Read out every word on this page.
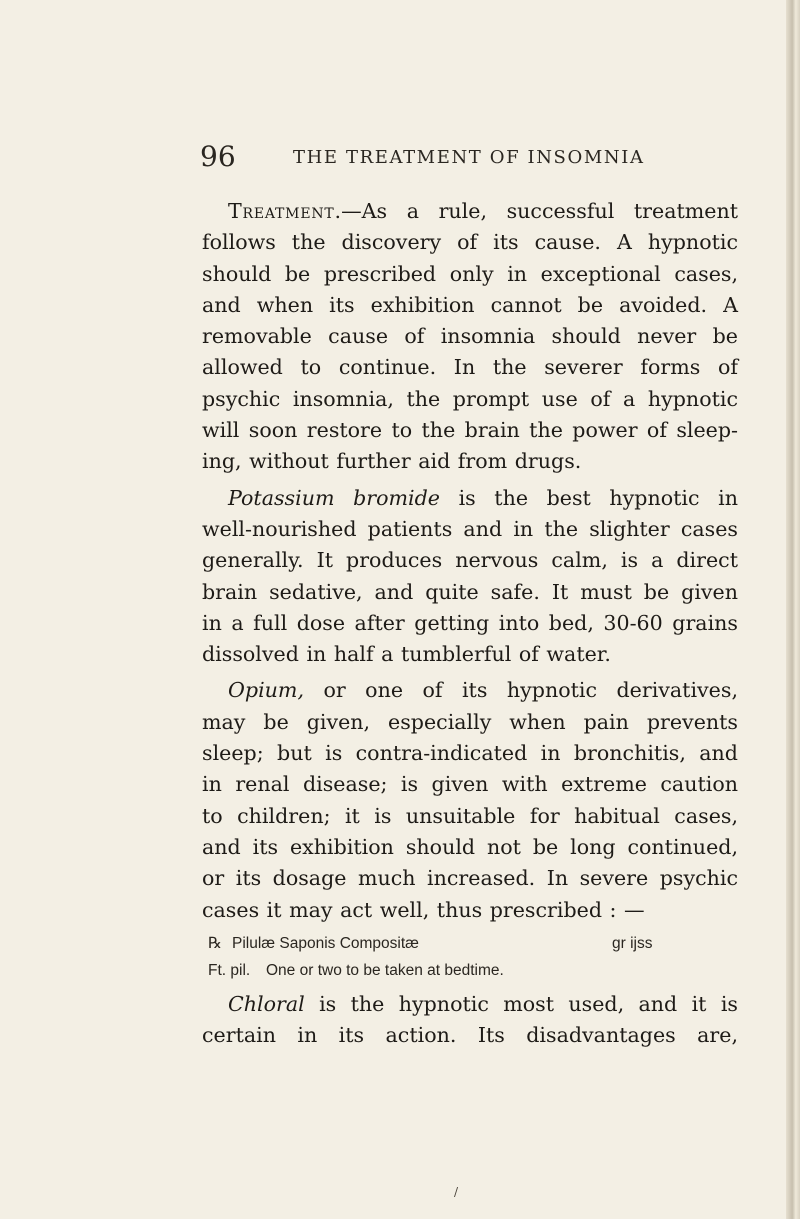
96	THE TREATMENT OF INSOMNIA

Treatment.—As a rule, successful treatment

follows the discovery of its cause. A hypnotic

should be prescribed only in exceptional cases,

and when its exhibition cannot be avoided. A

removable cause of insomnia should never be

allowed to continue. In the severer forms of

psychic insomnia, the prompt use of a hypnotic

will soon restore to the brain the power of sleep-

ing, without further aid from drugs.

Potassium bromide is the best hypnotic in

well-nourished patients and in the slighter cases

generally. It produces nervous calm, is a direct

brain sedative, and quite safe. It must be given

in a full dose after getting into bed, 30-60 grains

dissolved in half a tumblerful of water.

Opium, or one of its hypnotic derivatives,

may be given, especially when pain prevents

sleep; but is contra-indicated in bronchitis, and

in renal disease; is given with extreme caution

to children; it is unsuitable for habitual cases,

and its exhibition should not be long continued,

or its dosage much increased. In severe psychic

cases it may act well, thus prescribed : —

℞ Pilulæ Saponis Compositæ	gr ijss
Ft. pil. One or two to be taken at bedtime.

Chloral is the hypnotic most used, and it is

certain in its action. Its disadvantages are,

/
